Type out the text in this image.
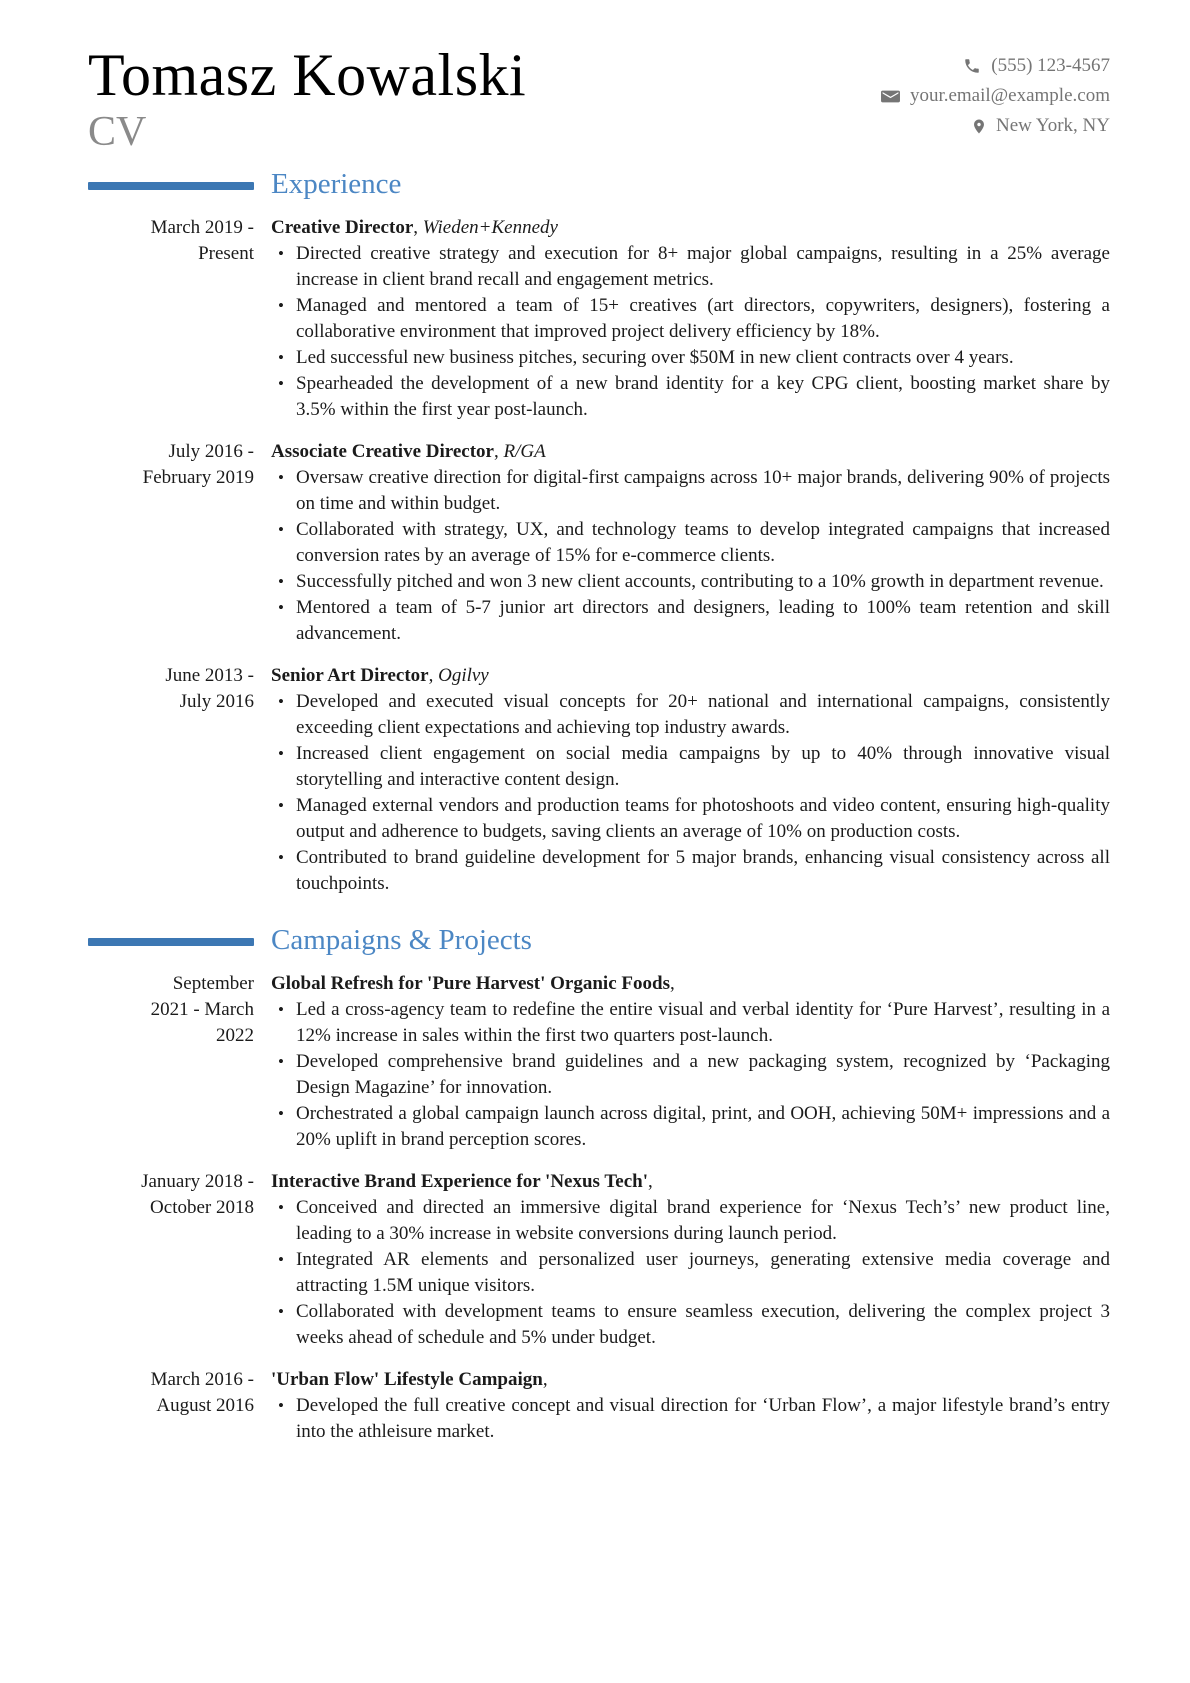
Tomasz Kowalski
CV
(555) 123-4567
your.email@example.com
New York, NY
Experience
March 2019 -
Present
Creative Director, Wieden+Kennedy
• Directed creative strategy and execution for 8+ major global campaigns, resulting in a 25% average increase in client brand recall and engagement metrics.
• Managed and mentored a team of 15+ creatives (art directors, copywriters, designers), fostering a collaborative environment that improved project delivery efficiency by 18%.
• Led successful new business pitches, securing over $50M in new client contracts over 4 years.
• Spearheaded the development of a new brand identity for a key CPG client, boosting market share by 3.5% within the first year post-launch.
July 2016 -
February 2019
Associate Creative Director, R/GA
• Oversaw creative direction for digital-first campaigns across 10+ major brands, delivering 90% of projects on time and within budget.
• Collaborated with strategy, UX, and technology teams to develop integrated campaigns that increased conversion rates by an average of 15% for e-commerce clients.
• Successfully pitched and won 3 new client accounts, contributing to a 10% growth in department revenue.
• Mentored a team of 5-7 junior art directors and designers, leading to 100% team retention and skill advancement.
June 2013 -
July 2016
Senior Art Director, Ogilvy
• Developed and executed visual concepts for 20+ national and international campaigns, consistently exceeding client expectations and achieving top industry awards.
• Increased client engagement on social media campaigns by up to 40% through innovative visual storytelling and interactive content design.
• Managed external vendors and production teams for photoshoots and video content, ensuring high-quality output and adherence to budgets, saving clients an average of 10% on production costs.
• Contributed to brand guideline development for 5 major brands, enhancing visual consistency across all touchpoints.
Campaigns & Projects
September
2021 - March
2022
Global Refresh for 'Pure Harvest' Organic Foods,
• Led a cross-agency team to redefine the entire visual and verbal identity for ‘Pure Harvest’, resulting in a 12% increase in sales within the first two quarters post-launch.
• Developed comprehensive brand guidelines and a new packaging system, recognized by ‘Packaging Design Magazine’ for innovation.
• Orchestrated a global campaign launch across digital, print, and OOH, achieving 50M+ impressions and a 20% uplift in brand perception scores.
January 2018 -
October 2018
Interactive Brand Experience for 'Nexus Tech',
• Conceived and directed an immersive digital brand experience for ‘Nexus Tech’s’ new product line, leading to a 30% increase in website conversions during launch period.
• Integrated AR elements and personalized user journeys, generating extensive media coverage and attracting 1.5M unique visitors.
• Collaborated with development teams to ensure seamless execution, delivering the complex project 3 weeks ahead of schedule and 5% under budget.
March 2016 -
August 2016
'Urban Flow' Lifestyle Campaign,
• Developed the full creative concept and visual direction for ‘Urban Flow’, a major lifestyle brand’s entry into the athleisure market.
